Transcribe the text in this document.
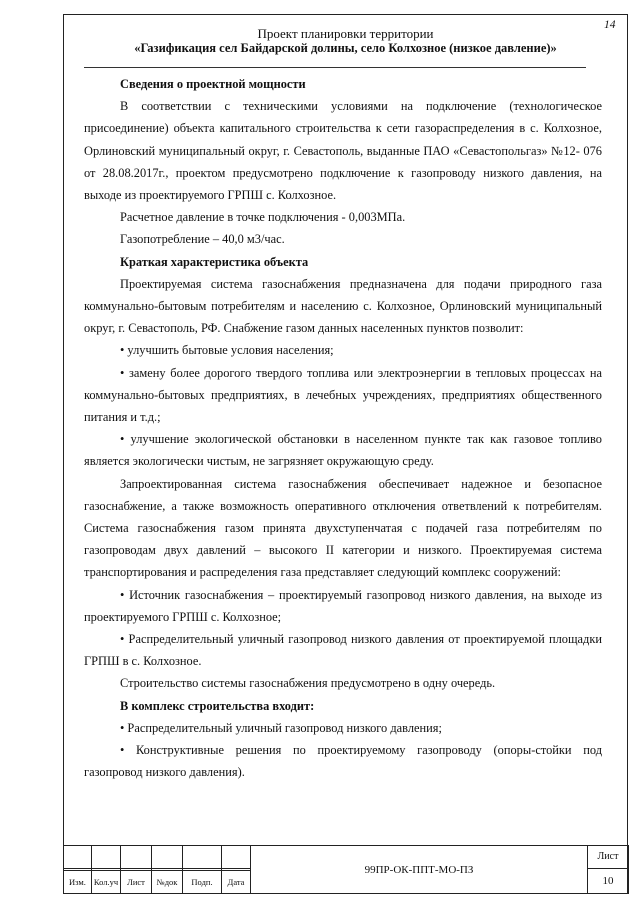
14
Проект планировки территории
«Газификация сел Байдарской долины, село Колхозное (низкое давление)»

Сведения о проектной мощности

В соответствии с техническими условиями на подключение (технологическое присоединение) объекта капитального строительства к сети газораспределения в с. Колхозное, Орлиновский муниципальный округ, г. Севастополь, выданные ПАО «Севастопольгаз» №12- 076 от 28.08.2017г., проектом предусмотрено подключение к газопроводу низкого давления, на выходе из проектируемого ГРПШ с. Колхозное.

Расчетное давление в точке подключения - 0,003МПа.

Газопотребление – 40,0 м3/час.

Краткая характеристика объекта

Проектируемая система газоснабжения предназначена для подачи природного газа коммунально-бытовым потребителям и населению с. Колхозное, Орлиновский муниципальный округ, г. Севастополь, РФ. Снабжение газом данных населенных пунктов позволит:

• улучшить бытовые условия населения;

• замену более дорогого твердого топлива или электроэнергии в тепловых процессах на коммунально-бытовых предприятиях, в лечебных учреждениях, предприятиях общественного питания и т.д.;

• улучшение экологической обстановки в населенном пункте так как газовое топливо является экологически чистым, не загрязняет окружающую среду.

Запроектированная система газоснабжения обеспечивает надежное и безопасное газоснабжение, а также возможность оперативного отключения ответвлений к потребителям. Система газоснабжения газом принята двухступенчатая с подачей газа потребителям по газопроводам двух давлений – высокого II категории и низкого. Проектируемая система транспортирования и распределения газа представляет следующий комплекс сооружений:

• Источник газоснабжения – проектируемый газопровод низкого давления, на выходе из проектируемого ГРПШ с. Колхозное;

• Распределительный уличный газопровод низкого давления от проектируемой площадки ГРПШ в с. Колхозное.

Строительство системы газоснабжения предусмотрено в одну очередь.

В комплекс строительства входит:

• Распределительный уличный газопровод низкого давления;

• Конструктивные решения по проектируемому газопроводу (опоры-стойки под газопровод низкого давления).

						99ПР-ОК-ППТ-МО-ПЗ	Лист
							10
Изм.	Кол.уч	Лист	№док	Подп.	Дата		
